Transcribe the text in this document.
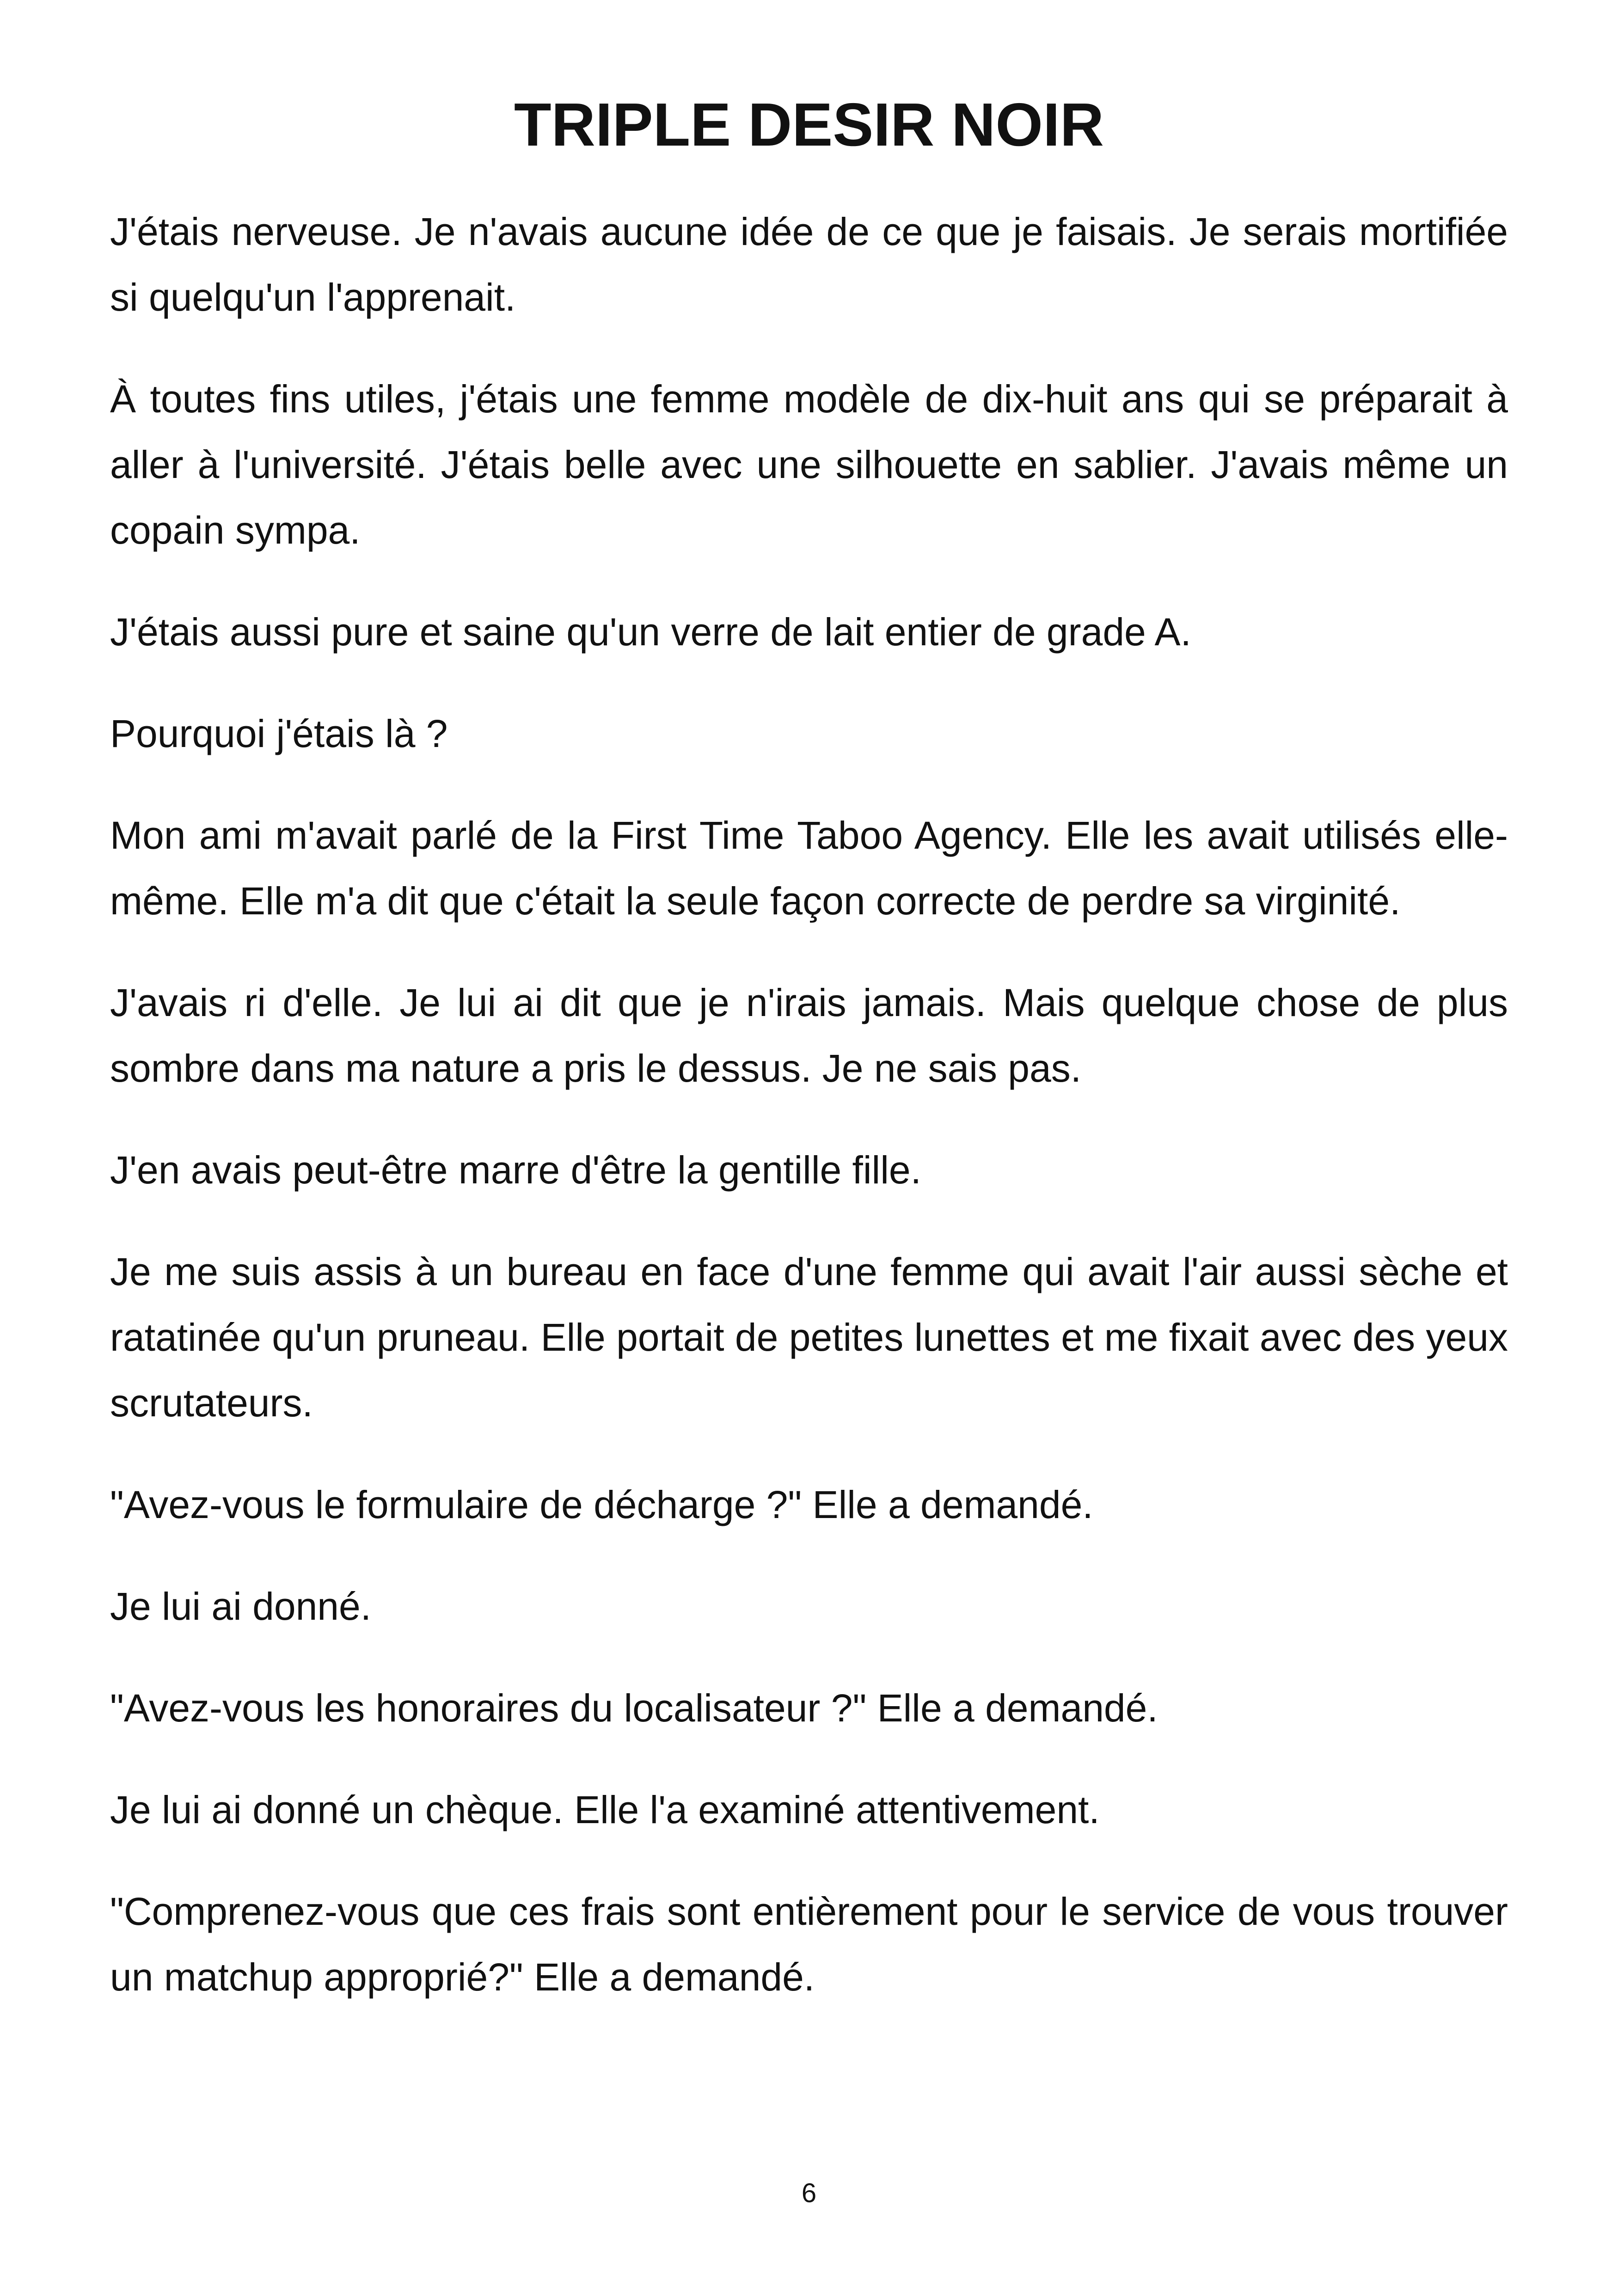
TRIPLE DESIR NOIR

J'étais nerveuse. Je n'avais aucune idée de ce que je faisais. Je serais mortifiée si quelqu'un l'apprenait.

À toutes fins utiles, j'étais une femme modèle de dix-huit ans qui se préparait à aller à l'université. J'étais belle avec une silhouette en sablier. J'avais même un copain sympa.

J'étais aussi pure et saine qu'un verre de lait entier de grade A.

Pourquoi j'étais là ?

Mon ami m'avait parlé de la First Time Taboo Agency. Elle les avait utilisés elle-même. Elle m'a dit que c'était la seule façon correcte de perdre sa virginité.

J'avais ri d'elle. Je lui ai dit que je n'irais jamais. Mais quelque chose de plus sombre dans ma nature a pris le dessus. Je ne sais pas.

J'en avais peut-être marre d'être la gentille fille.

Je me suis assis à un bureau en face d'une femme qui avait l'air aussi sèche et ratatinée qu'un pruneau. Elle portait de petites lunettes et me fixait avec des yeux scrutateurs.

"Avez-vous le formulaire de décharge ?" Elle a demandé.

Je lui ai donné.

"Avez-vous les honoraires du localisateur ?" Elle a demandé.

Je lui ai donné un chèque. Elle l'a examiné attentivement.

"Comprenez-vous que ces frais sont entièrement pour le service de vous trouver un matchup approprié?" Elle a demandé.

6
